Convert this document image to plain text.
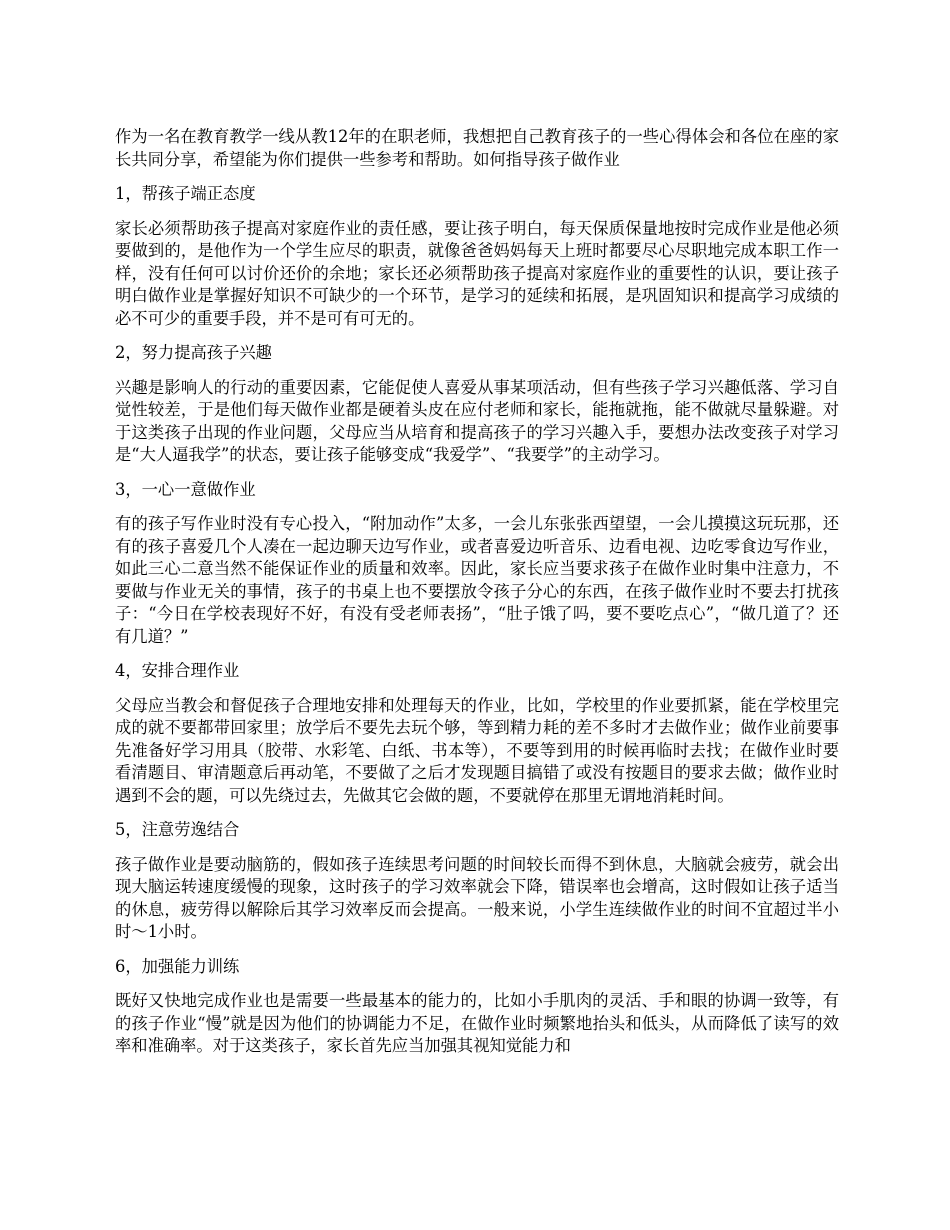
作为一名在教育教学一线从教12年的在职老师，我想把自己教育孩子的一些心得体会和各位在座的家长共同分享，希望能为你们提供一些参考和帮助。如何指导孩子做作业

1，帮孩子端正态度

家长必须帮助孩子提高对家庭作业的责任感，要让孩子明白，每天保质保量地按时完成作业是他必须要做到的，是他作为一个学生应尽的职责，就像爸爸妈妈每天上班时都要尽心尽职地完成本职工作一样，没有任何可以讨价还价的余地；家长还必须帮助孩子提高对家庭作业的重要性的认识，要让孩子明白做作业是掌握好知识不可缺少的一个环节，是学习的延续和拓展，是巩固知识和提高学习成绩的必不可少的重要手段，并不是可有可无的。

2，努力提高孩子兴趣

兴趣是影响人的行动的重要因素，它能促使人喜爱从事某项活动，但有些孩子学习兴趣低落、学习自觉性较差，于是他们每天做作业都是硬着头皮在应付老师和家长，能拖就拖，能不做就尽量躲避。对于这类孩子出现的作业问题，父母应当从培育和提高孩子的学习兴趣入手，要想办法改变孩子对学习是“大人逼我学”的状态，要让孩子能够变成“我爱学”、“我要学”的主动学习。

3，一心一意做作业

有的孩子写作业时没有专心投入，“附加动作”太多，一会儿东张张西望望，一会儿摸摸这玩玩那，还有的孩子喜爱几个人凑在一起边聊天边写作业，或者喜爱边听音乐、边看电视、边吃零食边写作业，如此三心二意当然不能保证作业的质量和效率。因此，家长应当要求孩子在做作业时集中注意力，不要做与作业无关的事情，孩子的书桌上也不要摆放令孩子分心的东西，在孩子做作业时不要去打扰孩子：“今日在学校表现好不好，有没有受老师表扬”，“肚子饿了吗，要不要吃点心”，“做几道了？还有几道？”

4，安排合理作业

父母应当教会和督促孩子合理地安排和处理每天的作业，比如，学校里的作业要抓紧，能在学校里完成的就不要都带回家里；放学后不要先去玩个够，等到精力耗的差不多时才去做作业；做作业前要事先准备好学习用具（胶带、水彩笔、白纸、书本等），不要等到用的时候再临时去找；在做作业时要看清题目、审清题意后再动笔，不要做了之后才发现题目搞错了或没有按题目的要求去做；做作业时遇到不会的题，可以先绕过去，先做其它会做的题，不要就停在那里无谓地消耗时间。

5，注意劳逸结合

孩子做作业是要动脑筋的，假如孩子连续思考问题的时间较长而得不到休息，大脑就会疲劳，就会出现大脑运转速度缓慢的现象，这时孩子的学习效率就会下降，错误率也会增高，这时假如让孩子适当的休息，疲劳得以解除后其学习效率反而会提高。一般来说，小学生连续做作业的时间不宜超过半小时～1小时。

6，加强能力训练

既好又快地完成作业也是需要一些最基本的能力的，比如小手肌肉的灵活、手和眼的协调一致等，有的孩子作业“慢”就是因为他们的协调能力不足，在做作业时频繁地抬头和低头，从而降低了读写的效率和准确率。对于这类孩子，家长首先应当加强其视知觉能力和
